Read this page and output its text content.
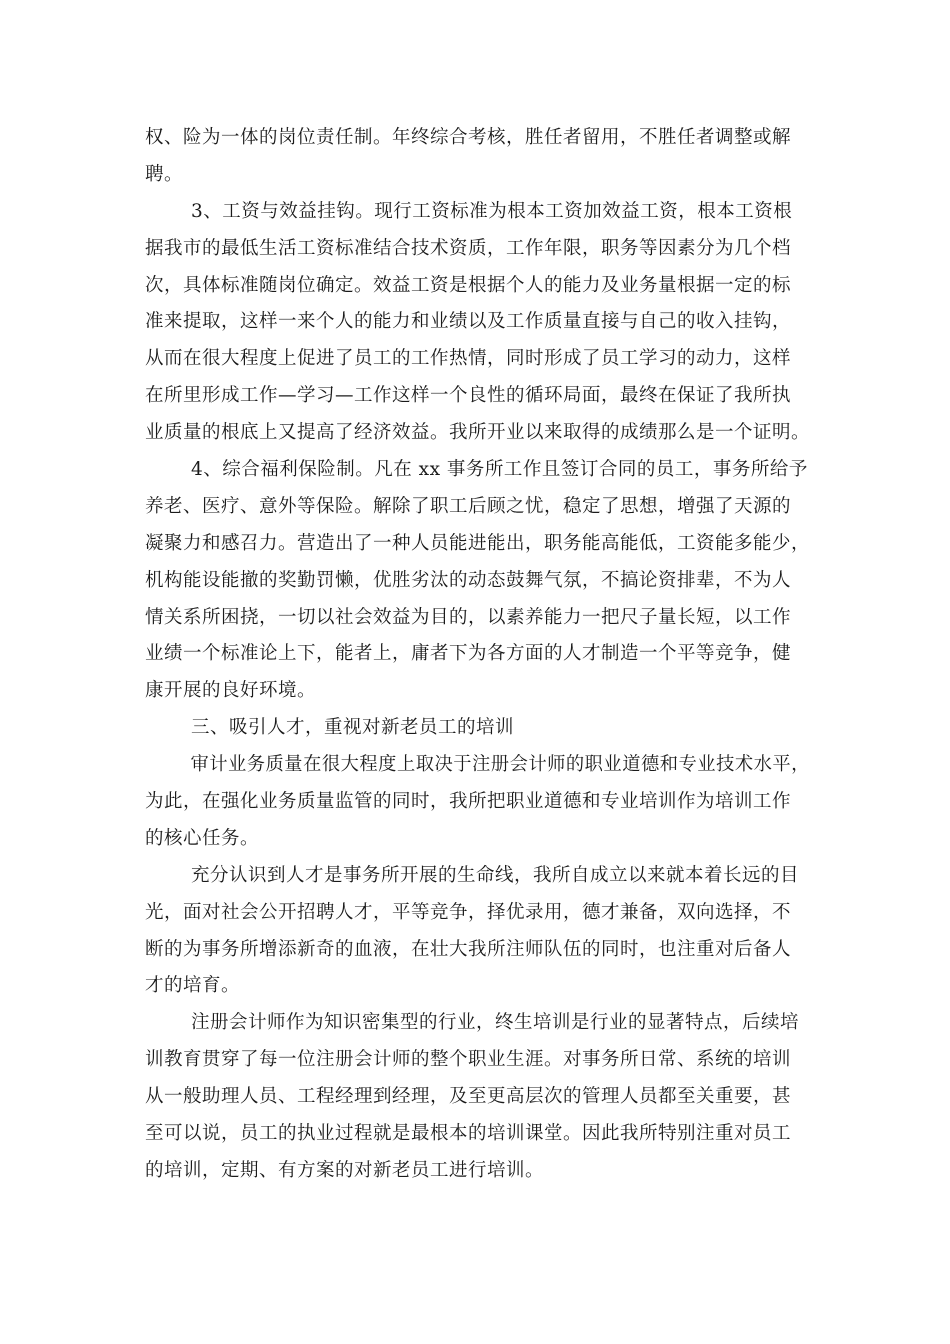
权、险为一体的岗位责任制。年终综合考核，胜任者留用，不胜任者调整或解
聘。
3、工资与效益挂钩。现行工资标准为根本工资加效益工资，根本工资根
据我市的最低生活工资标准结合技术资质，工作年限，职务等因素分为几个档
次，具体标准随岗位确定。效益工资是根据个人的能力及业务量根据一定的标
准来提取，这样一来个人的能力和业绩以及工作质量直接与自己的收入挂钩，
从而在很大程度上促进了员工的工作热情，同时形成了员工学习的动力，这样
在所里形成工作—学习—工作这样一个良性的循环局面，最终在保证了我所执
业质量的根底上又提高了经济效益。我所开业以来取得的成绩那么是一个证明。
4、综合福利保险制。凡在 xx 事务所工作且签订合同的员工，事务所给予
养老、医疗、意外等保险。解除了职工后顾之忧，稳定了思想，增强了天源的
凝聚力和感召力。营造出了一种人员能进能出，职务能高能低，工资能多能少，
机构能设能撤的奖勤罚懒，优胜劣汰的动态鼓舞气氛，不搞论资排辈，不为人
情关系所困挠，一切以社会效益为目的，以素养能力一把尺子量长短，以工作
业绩一个标准论上下，能者上，庸者下为各方面的人才制造一个平等竞争，健
康开展的良好环境。
三、吸引人才，重视对新老员工的培训
审计业务质量在很大程度上取决于注册会计师的职业道德和专业技术水平，
为此，在强化业务质量监管的同时，我所把职业道德和专业培训作为培训工作
的核心任务。
充分认识到人才是事务所开展的生命线，我所自成立以来就本着长远的目
光，面对社会公开招聘人才，平等竞争，择优录用，德才兼备，双向选择，不
断的为事务所增添新奇的血液，在壮大我所注师队伍的同时，也注重对后备人
才的培育。
注册会计师作为知识密集型的行业，终生培训是行业的显著特点，后续培
训教育贯穿了每一位注册会计师的整个职业生涯。对事务所日常、系统的培训
从一般助理人员、工程经理到经理，及至更高层次的管理人员都至关重要，甚
至可以说，员工的执业过程就是最根本的培训课堂。因此我所特别注重对员工
的培训，定期、有方案的对新老员工进行培训。
